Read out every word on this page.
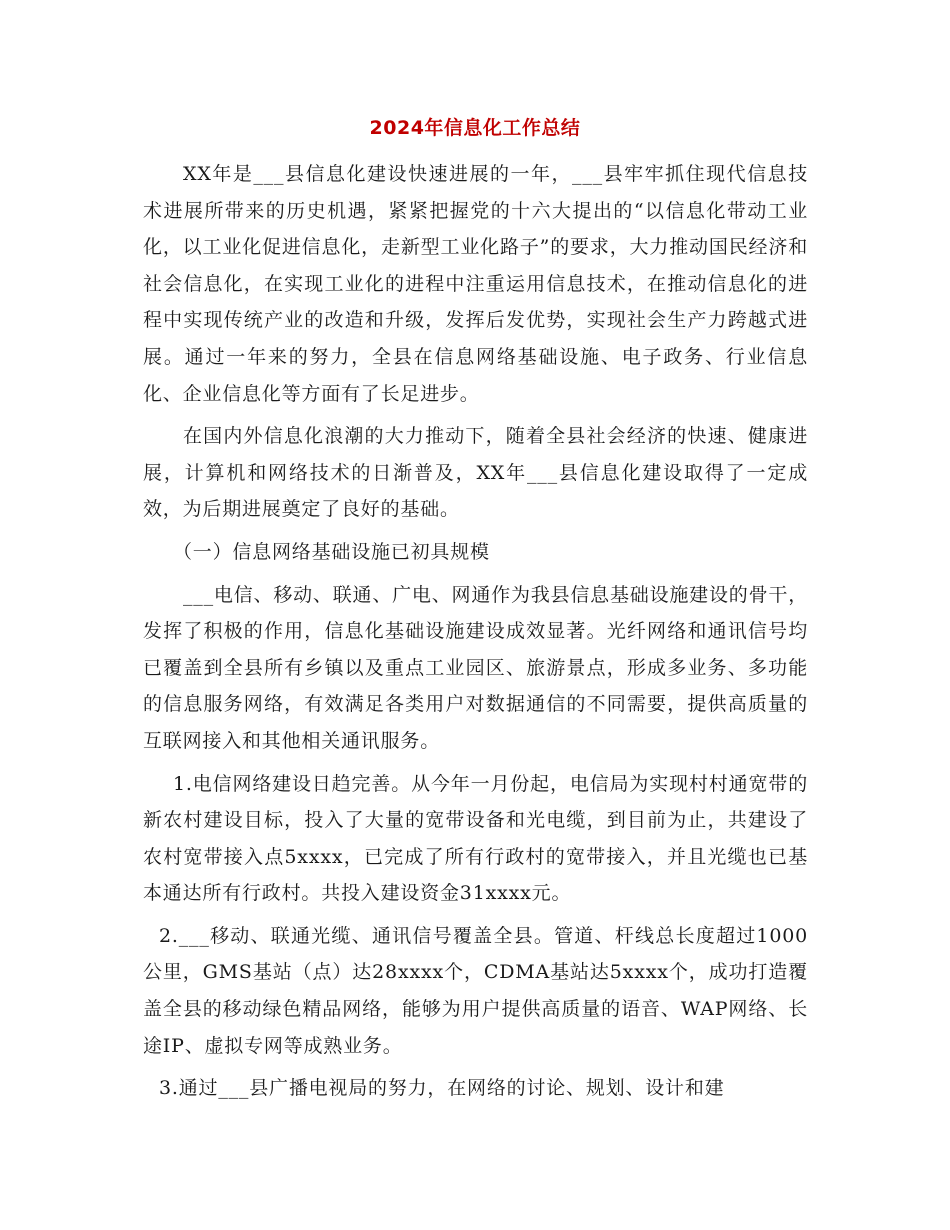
2024年信息化工作总结

XX年是___县信息化建设快速进展的一年，___县牢牢抓住现代信息技术进展所带来的历史机遇，紧紧把握党的十六大提出的“以信息化带动工业化，以工业化促进信息化，走新型工业化路子”的要求，大力推动国民经济和社会信息化，在实现工业化的进程中注重运用信息技术，在推动信息化的进程中实现传统产业的改造和升级，发挥后发优势，实现社会生产力跨越式进展。通过一年来的努力，全县在信息网络基础设施、电子政务、行业信息化、企业信息化等方面有了长足进步。

在国内外信息化浪潮的大力推动下，随着全县社会经济的快速、健康进展，计算机和网络技术的日渐普及，XX年___县信息化建设取得了一定成效，为后期进展奠定了良好的基础。

（一）信息网络基础设施已初具规模

___电信、移动、联通、广电、网通作为我县信息基础设施建设的骨干，发挥了积极的作用，信息化基础设施建设成效显著。光纤网络和通讯信号均已覆盖到全县所有乡镇以及重点工业园区、旅游景点，形成多业务、多功能的信息服务网络，有效满足各类用户对数据通信的不同需要，提供高质量的互联网接入和其他相关通讯服务。

1.电信网络建设日趋完善。从今年一月份起，电信局为实现村村通宽带的新农村建设目标，投入了大量的宽带设备和光电缆，到目前为止，共建设了农村宽带接入点5xxxx，已完成了所有行政村的宽带接入，并且光缆也已基本通达所有行政村。共投入建设资金31xxxx元。

2.___移动、联通光缆、通讯信号覆盖全县。管道、杆线总长度超过1000公里，GMS基站（点）达28xxxx个，CDMA基站达5xxxx个，成功打造覆盖全县的移动绿色精品网络，能够为用户提供高质量的语音、WAP网络、长途IP、虚拟专网等成熟业务。

3.通过___县广播电视局的努力，在网络的讨论、规划、设计和建
